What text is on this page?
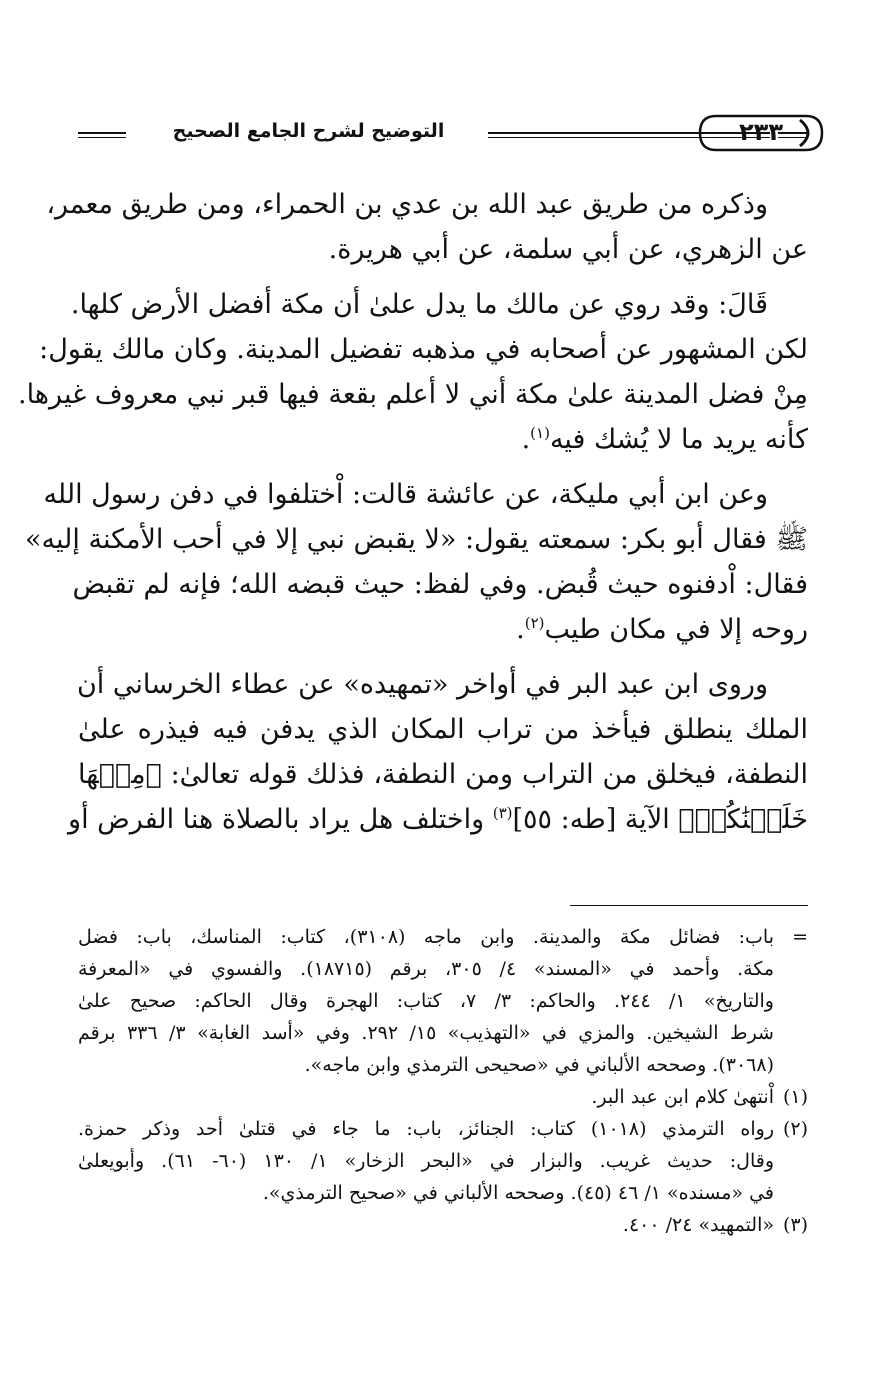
التوضيح لشرح الجامع الصحيح	٢٣٣
وذكره من طريق عبد الله بن عدي بن الحمراء، ومن طريق معمر،
عن الزهري، عن أبي سلمة، عن أبي هريرة.
قَالَ: وقد روي عن مالك ما يدل علىٰ أن مكة أفضل الأرض كلها.
لكن المشهور عن أصحابه في مذهبه تفضيل المدينة. وكان مالك يقول:
مِنْ فضل المدينة علىٰ مكة أني لا أعلم بقعة فيها قبر نبي معروف غيرها.
كأنه يريد ما لا يُشك فيه$^{(١)}$.
وعن ابن أبي مليكة، عن عائشة قالت: اْختلفوا في دفن رسول الله
ﷺ فقال أبو بكر: سمعته يقول: «لا يقبض نبي إلا في أحب الأمكنة إليه»
فقال: اْدفنوه حيث قُبض. وفي لفظ: حيث قبضه الله؛ فإنه لم تقبض
روحه إلا في مكان طيب$^{(٢)}$.
وروى ابن عبد البر في أواخر «تمهيده» عن عطاء الخرساني أن
الملك ينطلق فيأخذ من تراب المكان الذي يدفن فيه فيذره علىٰ
النطفة، فيخلق من التراب ومن النطفة، فذلك قوله تعالىٰ: ﴿مِنۡهَا
خَلَقۡنَٰكُمۡ﴾ الآية [طه: ٥٥]$^{(٣)}$ واختلف هل يراد بالصلاة هنا الفرض أو
=
باب: فضائل مكة والمدينة. وابن ماجه (٣١٠٨)، كتاب: المناسك، باب: فضل
مكة. وأحمد في «المسند» ٤/ ٣٠٥، برقم (١٨٧١٥). والفسوي في «المعرفة
والتاريخ» ١/ ٢٤٤. والحاكم: ٣/ ٧، كتاب: الهجرة وقال الحاكم: صحيح علىٰ
شرط الشيخين. والمزي في «التهذيب» ١٥/ ٢٩٢. وفي «أسد الغابة» ٣/ ٣٣٦ برقم
(٣٠٦٨). وصححه الألباني في «صحيحى الترمذي وابن ماجه».
(١)
اْنتهىٰ كلام ابن عبد البر.
(٢)
رواه الترمذي (١٠١٨) كتاب: الجنائز، باب: ما جاء في قتلىٰ أحد وذكر حمزة.
وقال: حديث غريب. والبزار في «البحر الزخار» ١/ ١٣٠ (٦٠- ٦١). وأبويعلىٰ
في «مسنده» ١/ ٤٦ (٤٥). وصححه الألباني في «صحيح الترمذي».
(٣)
«التمهيد» ٢٤/ ٤٠٠.
